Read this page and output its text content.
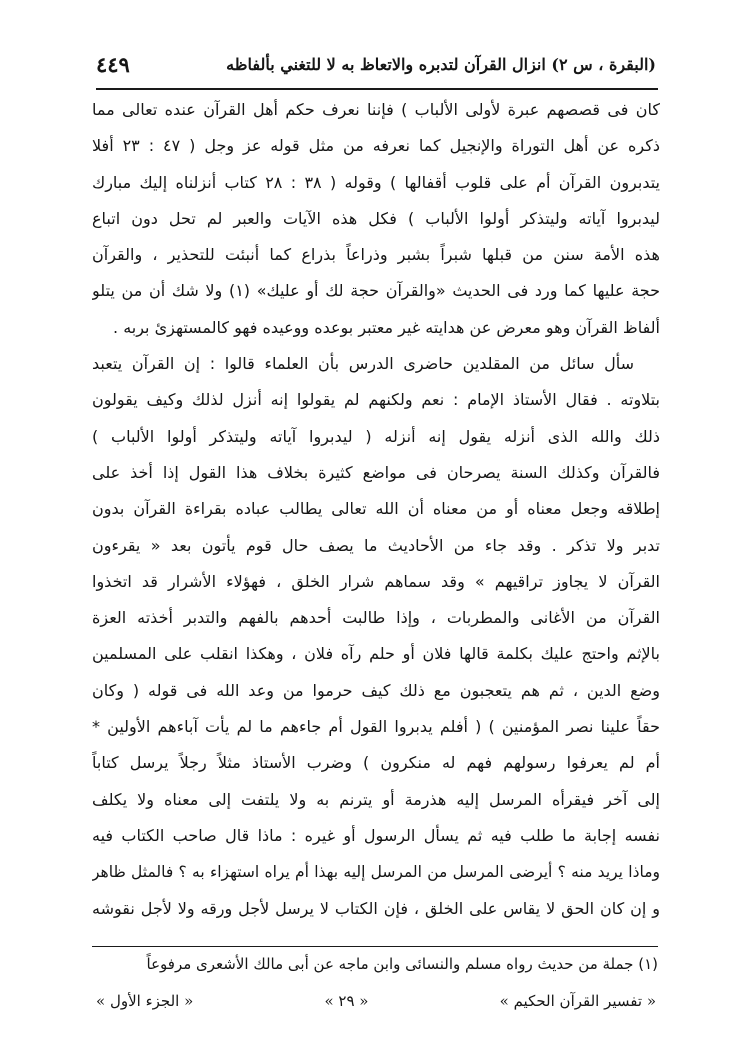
(البقرة ، س ٢) انزال القرآن لتدبره والاتعاظ به لا للتغني بألفاظه
٤٤٩
كان فى قصصهم عبرة لأولى الألباب ) فإننا نعرف حكم أهل القرآن عنده تعالى مما
ذكره عن أهل التوراة والإنجيل كما نعرفه من مثل قوله عز وجل ( ٤٧ : ٢٣ أفلا
يتدبرون القرآن أم على قلوب أقفالها ) وقوله ( ٣٨ : ٢٨ كتاب أنزلناه إليك مبارك
ليدبروا آياته وليتذكر أولوا الألباب ) فكل هذه الآيات والعبر لم تحل دون اتباع
هذه الأمة سنن من قبلها شبراً بشبر وذراعاً بذراع كما أنبئت للتحذير ، والقرآن
حجة عليها كما ورد فى الحديث «والقرآن حجة لك أو عليك» (١) ولا شك أن من يتلو
ألفاظ القرآن وهو معرض عن هدايته غير معتبر بوعده ووعيده فهو كالمستهزئ بربه .
سأل سائل من المقلدين حاضرى الدرس بأن العلماء قالوا : إن القرآن يتعبد
بتلاوته . فقال الأستاذ الإمام : نعم ولكنهم لم يقولوا إنه أنزل لذلك وكيف يقولون
ذلك والله الذى أنزله يقول إنه أنزله ( ليدبروا آياته وليتذكر أولوا الألباب )
فالقرآن وكذلك السنة يصرحان فى مواضع كثيرة بخلاف هذا القول إذا أخذ على
إطلاقه وجعل معناه أو من معناه أن الله تعالى يطالب عباده بقراءة القرآن بدون
تدبر ولا تذكر . وقد جاء من الأحاديث ما يصف حال قوم يأتون بعد « يقرءون
القرآن لا يجاوز تراقيهم » وقد سماهم شرار الخلق ، فهؤلاء الأشرار قد اتخذوا
القرآن من الأغانى والمطربات ، وإذا طالبت أحدهم بالفهم والتدبر أخذته العزة
بالإثم واحتج عليك بكلمة قالها فلان أو حلم رآه فلان ، وهكذا انقلب على المسلمين
وضع الدين ، ثم هم يتعجبون مع ذلك كيف حرموا من وعد الله فى قوله ( وكان
حقاً علينا نصر المؤمنين ) ( أفلم يدبروا القول أم جاءهم ما لم يأت آباءهم الأولين *
أم لم يعرفوا رسولهم فهم له منكرون ) وضرب الأستاذ مثلاً رجلاً يرسل كتاباً
إلى آخر فيقرأه المرسل إليه هذرمة أو يترنم به ولا يلتفت إلى معناه ولا يكلف
نفسه إجابة ما طلب فيه ثم يسأل الرسول أو غيره : ماذا قال صاحب الكتاب فيه
وماذا يريد منه ؟ أيرضى المرسل من المرسل إليه بهذا أم يراه استهزاء به ؟ فالمثل ظاهر
و إن كان الحق لا يقاس على الخلق ، فإن الكتاب لا يرسل لأجل ورقه ولا لأجل نقوشه
(١) جملة من حديث رواه مسلم والنسائى وابن ماجه عن أبى مالك الأشعرى مرفوعاً
« تفسير القرآن الحكيم »
« ٢٩ »
« الجزء الأول »
